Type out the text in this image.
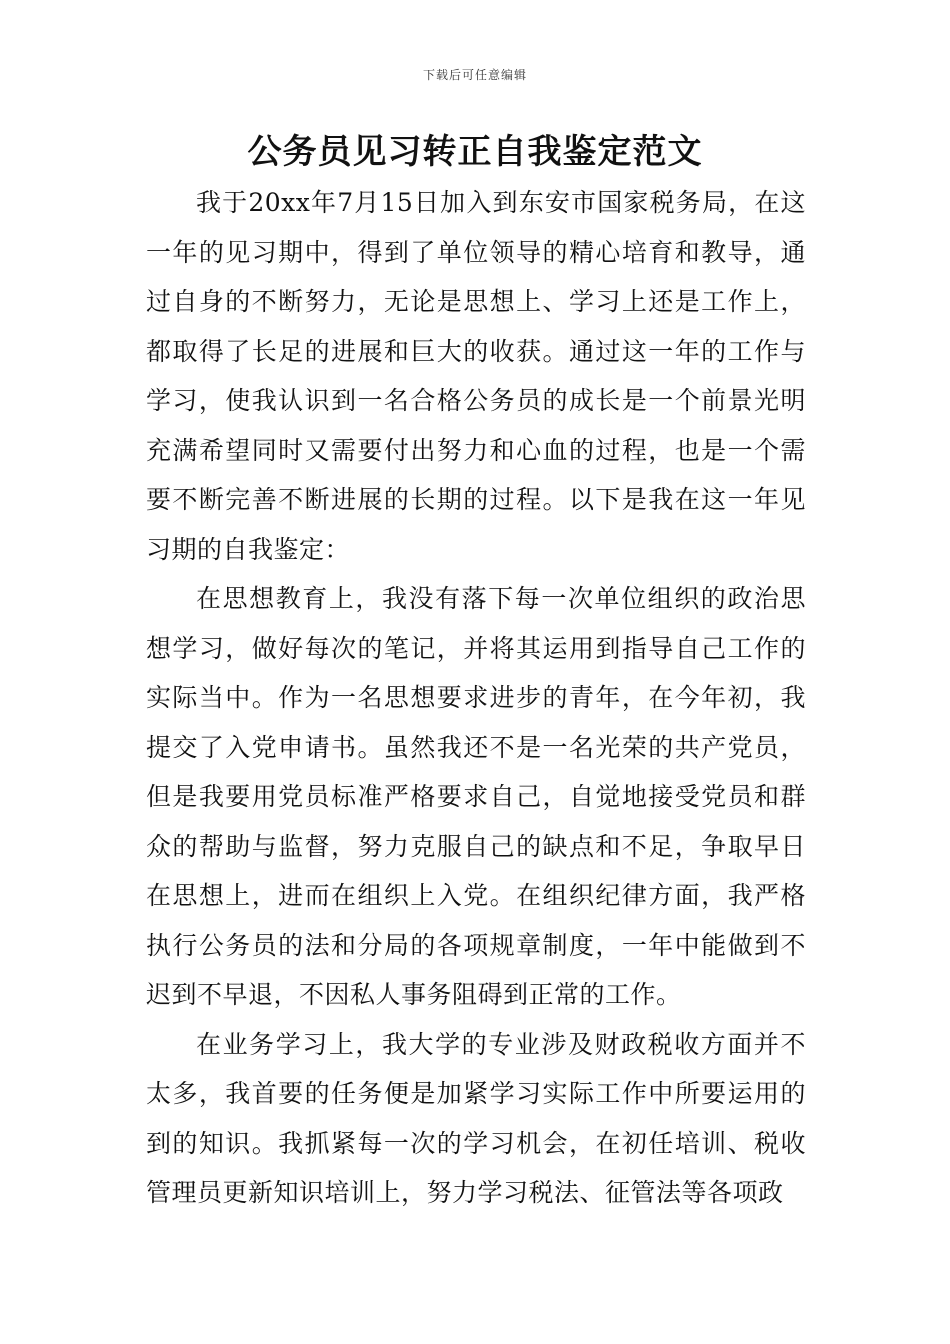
下载后可任意编辑
公务员见习转正自我鉴定范文

我于20xx年7月15日加入到东安市国家税务局，在这一年的见习期中，得到了单位领导的精心培育和教导，通过自身的不断努力，无论是思想上、学习上还是工作上，都取得了长足的进展和巨大的收获。通过这一年的工作与学习，使我认识到一名合格公务员的成长是一个前景光明充满希望同时又需要付出努力和心血的过程，也是一个需要不断完善不断进展的长期的过程。以下是我在这一年见习期的自我鉴定：

在思想教育上，我没有落下每一次单位组织的政治思想学习，做好每次的笔记，并将其运用到指导自己工作的实际当中。作为一名思想要求进步的青年，在今年初，我提交了入党申请书。虽然我还不是一名光荣的共产党员，但是我要用党员标准严格要求自己，自觉地接受党员和群众的帮助与监督，努力克服自己的缺点和不足，争取早日在思想上，进而在组织上入党。在组织纪律方面，我严格执行公务员的法和分局的各项规章制度，一年中能做到不迟到不早退，不因私人事务阻碍到正常的工作。

在业务学习上，我大学的专业涉及财政税收方面并不太多，我首要的任务便是加紧学习实际工作中所要运用的到的知识。我抓紧每一次的学习机会，在初任培训、税收管理员更新知识培训上，努力学习税法、征管法等各项政
